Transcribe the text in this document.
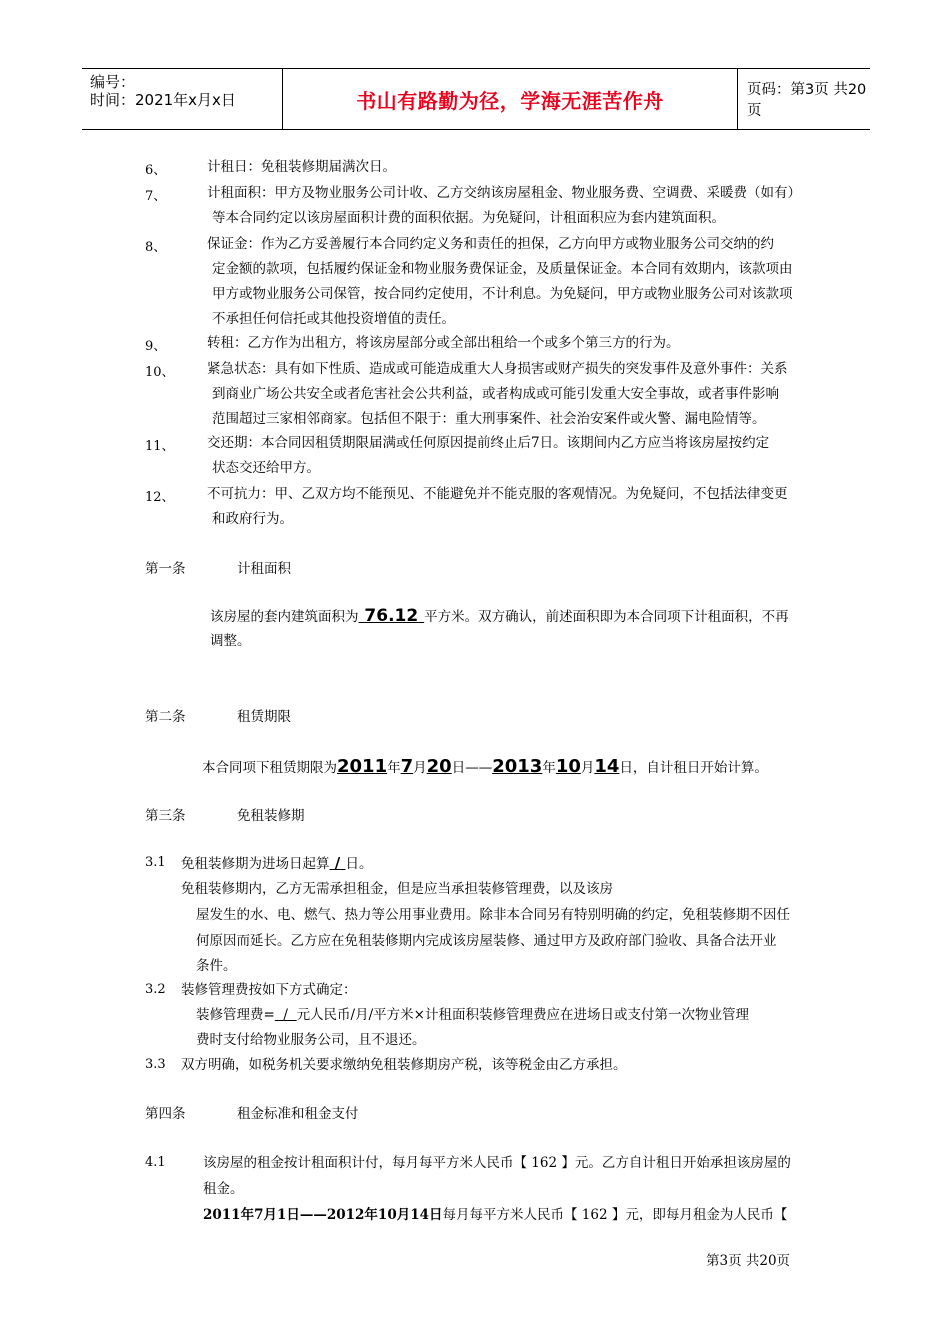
编号：
时间：2021年x月x日	书山有路勤为径，学海无涯苦作舟	页码：第3页 共20页
6、	计租日：免租装修期届满次日。
7、	计租面积：甲方及物业服务公司计收、乙方交纳该房屋租金、物业服务费、空调费、采暖费（如有）
等本合同约定以该房屋面积计费的面积依据。为免疑问，计租面积应为套内建筑面积。
8、	保证金：作为乙方妥善履行本合同约定义务和责任的担保，乙方向甲方或物业服务公司交纳的约
定金额的款项，包括履约保证金和物业服务费保证金，及质量保证金。本合同有效期内，该款项由
甲方或物业服务公司保管，按合同约定使用，不计利息。为免疑问，甲方或物业服务公司对该款项
不承担任何信托或其他投资增值的责任。
9、	转租：乙方作为出租方，将该房屋部分或全部出租给一个或多个第三方的行为。
10、 紧急状态：具有如下性质、造成或可能造成重大人身损害或财产损失的突发事件及意外事件：关系
到商业广场公共安全或者危害社会公共利益，或者构成或可能引发重大安全事故，或者事件影响
范围超过三家相邻商家。包括但不限于：重大刑事案件、社会治安案件或火警、漏电险情等。
11、 交还期：本合同因租赁期限届满或任何原因提前终止后7日。该期间内乙方应当将该房屋按约定
状态交还给甲方。
12、 不可抗力：甲、乙双方均不能预见、不能避免并不能克服的客观情况。为免疑问，不包括法律变更
和政府行为。
第一条	计租面积
该房屋的套内建筑面积为 76.12 平方米。双方确认，前述面积即为本合同项下计租面积，不再
调整。
第二条	租赁期限
本合同项下租赁期限为2011年7月20日——2013年10月14日，自计租日开始计算。
第三条	免租装修期
3.1 免租装修期为进场日起算 / 日。
免租装修期内，乙方无需承担租金，但是应当承担装修管理费，以及该房
屋发生的水、电、燃气、热力等公用事业费用。除非本合同另有特别明确的约定，免租装修期不因任
何原因而延长。乙方应在免租装修期内完成该房屋装修、通过甲方及政府部门验收、具备合法开业
条件。
3.2 装修管理费按如下方式确定：
装修管理费= / 元人民币/月/平方米×计租面积装修管理费应在进场日或支付第一次物业管理
费时支付给物业服务公司，且不退还。
3.3 双方明确，如税务机关要求缴纳免租装修期房产税，该等税金由乙方承担。
第四条	租金标准和租金支付
4.1	该房屋的租金按计租面积计付，每月每平方米人民币【 162 】元。乙方自计租日开始承担该房屋的
租金。
2011年7月1日——2012年10月14日每月每平方米人民币【 162 】元，即每月租金为人民币【
第3页 共20页
